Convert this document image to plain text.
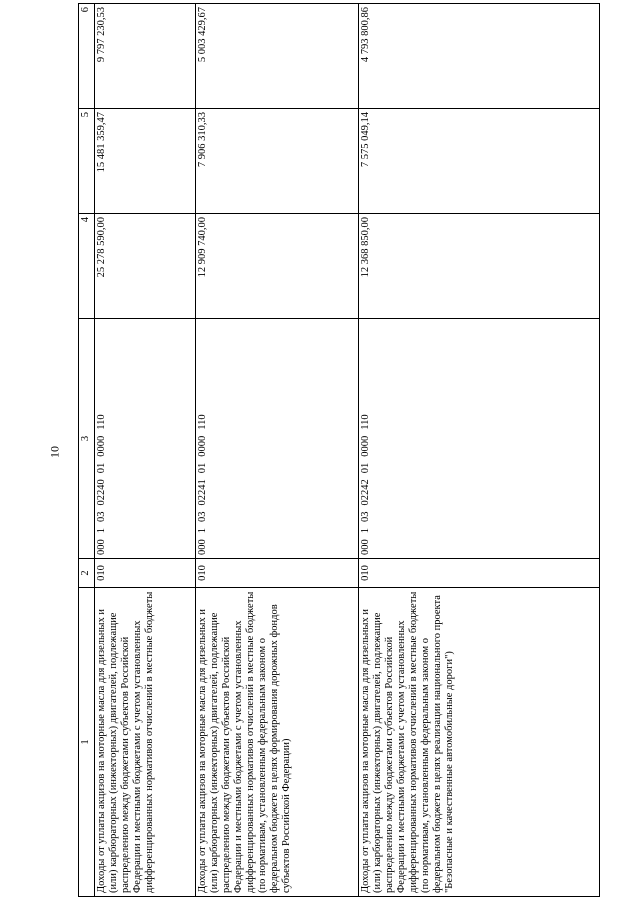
10
1	2	3	4	5	6
Доходы от уплаты акцизов на моторные масла для дизельных и (или) карбюраторных (инжекторных) двигателей, подлежащие распределению между бюджетами субъектов Российской Федерации и местными бюджетами с учетом установленных дифференцированных нормативов отчислений в местные бюджеты	010	00010302240010000110	25 278 590,00	15 481 359,47	9 797 230,53
Доходы от уплаты акцизов на моторные масла для дизельных и (или) карбюраторных (инжекторных) двигателей, подлежащие распределению между бюджетами субъектов Российской Федерации и местными бюджетами с учетом установленных дифференцированных нормативов отчислений в местные бюджеты (по нормативам, установленным федеральным законом о федеральном бюджете в целях формирования дорожных фондов субъектов Российской Федерации)	010	00010302241010000110	12 909 740,00	7 906 310,33	5 003 429,67
Доходы от уплаты акцизов на моторные масла для дизельных и (или) карбюраторных (инжекторных) двигателей, подлежащие распределению между бюджетами субъектов Российской Федерации и местными бюджетами с учетом установленных дифференцированных нормативов отчислений в местные бюджеты (по нормативам, установленным федеральным законом о федеральном бюджете в целях реализации национального проекта "Безопасные и качественные автомобильные дороги")	010	00010302242010000110	12 368 850,00	7 575 049,14	4 793 800,86
